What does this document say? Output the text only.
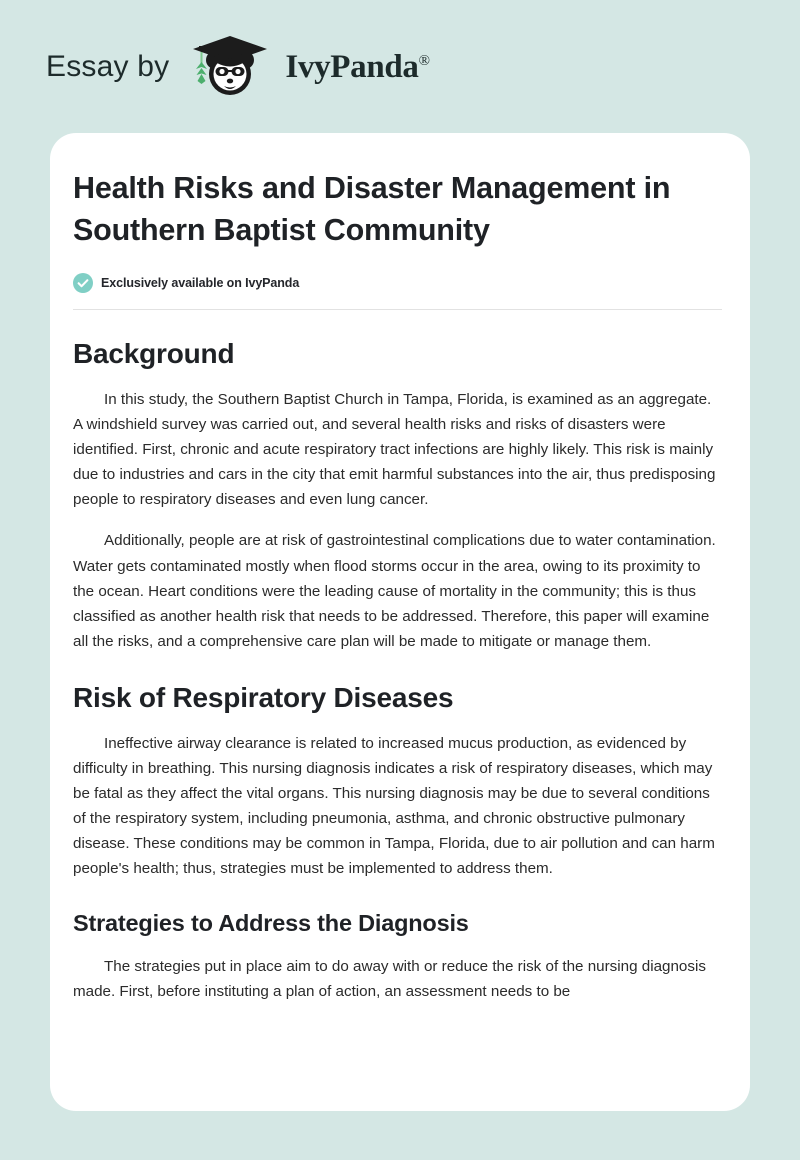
Essay by	IvyPanda®
Health Risks and Disaster Management in Southern Baptist Community
Exclusively available on IvyPanda
Background

In this study, the Southern Baptist Church in Tampa, Florida, is examined as an aggregate. A windshield survey was carried out, and several health risks and risks of disasters were identified. First, chronic and acute respiratory tract infections are highly likely. This risk is mainly due to industries and cars in the city that emit harmful substances into the air, thus predisposing people to respiratory diseases and even lung cancer.

Additionally, people are at risk of gastrointestinal complications due to water contamination. Water gets contaminated mostly when flood storms occur in the area, owing to its proximity to the ocean. Heart conditions were the leading cause of mortality in the community; this is thus classified as another health risk that needs to be addressed. Therefore, this paper will examine all the risks, and a comprehensive care plan will be made to mitigate or manage them.

Risk of Respiratory Diseases

Ineffective airway clearance is related to increased mucus production, as evidenced by difficulty in breathing. This nursing diagnosis indicates a risk of respiratory diseases, which may be fatal as they affect the vital organs. This nursing diagnosis may be due to several conditions of the respiratory system, including pneumonia, asthma, and chronic obstructive pulmonary disease. These conditions may be common in Tampa, Florida, due to air pollution and can harm people's health; thus, strategies must be implemented to address them.

Strategies to Address the Diagnosis

The strategies put in place aim to do away with or reduce the risk of the nursing diagnosis made. First, before instituting a plan of action, an assessment needs to be
